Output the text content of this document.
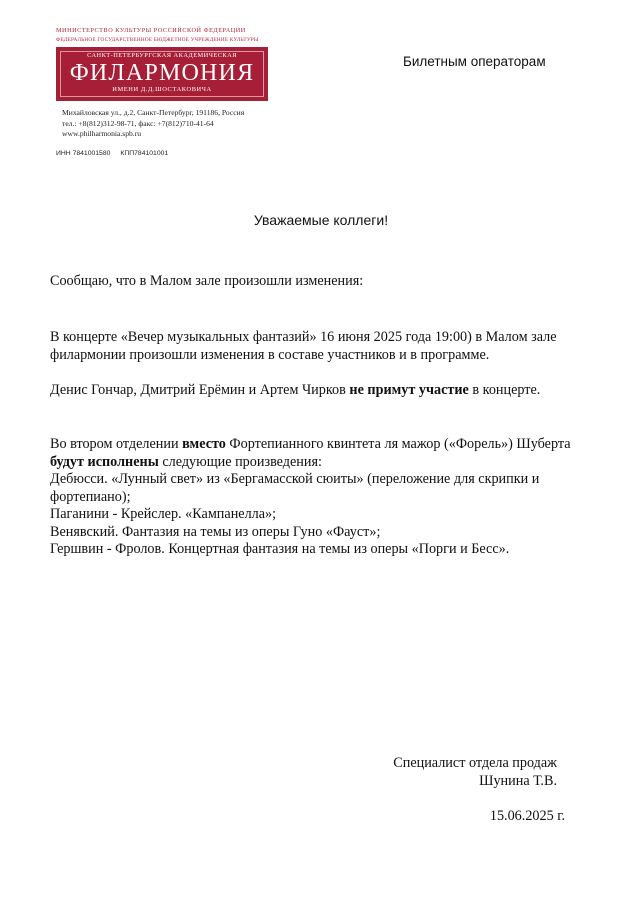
МИНИСТЕРСТВО КУЛЬТУРЫ РОССИЙСКОЙ ФЕДЕРАЦИИ
ФЕДЕРАЛЬНОЕ ГОСУДАРСТВЕННОЕ БЮДЖЕТНОЕ УЧРЕЖДЕНИЕ КУЛЬТУРЫ
САНКТ-ПЕТЕРБУРГСКАЯ АКАДЕМИЧЕСКАЯ
ФИЛАРМОНИЯ
ИМЕНИ Д.Д.ШОСТАКОВИЧА
Михайловская ул., д.2, Санкт-Петербург, 191186, Россия
тел.: +8(812)312-98-71, факс: +7(812)710-41-64
www.philharmonia.spb.ru
ИНН 7841001580 КПП784101001
Билетным операторам
Уважаемые коллеги!

Сообщаю, что в Малом зале произошли изменения:

В концерте «Вечер музыкальных фантазий» 16 июня 2025 года 19:00) в Малом зале филармонии произошли изменения в составе участников и в программе.

Денис Гончар, Дмитрий Ерёмин и Артем Чирков не примут участие в концерте.

Во втором отделении вместо Фортепианного квинтета ля мажор («Форель») Шуберта будут исполнены следующие произведения:

Дебюсси. «Лунный свет» из «Бергамасской сюиты» (переложение для скрипки и фортепиано);

Паганини - Крейслер. «Кампанелла»;

Венявский. Фантазия на темы из оперы Гуно «Фауст»;

Гершвин - Фролов. Концертная фантазия на темы из оперы «Порги и Бесс».

Специалист отдела продаж
Шунина Т.В.
15.06.2025 г.
